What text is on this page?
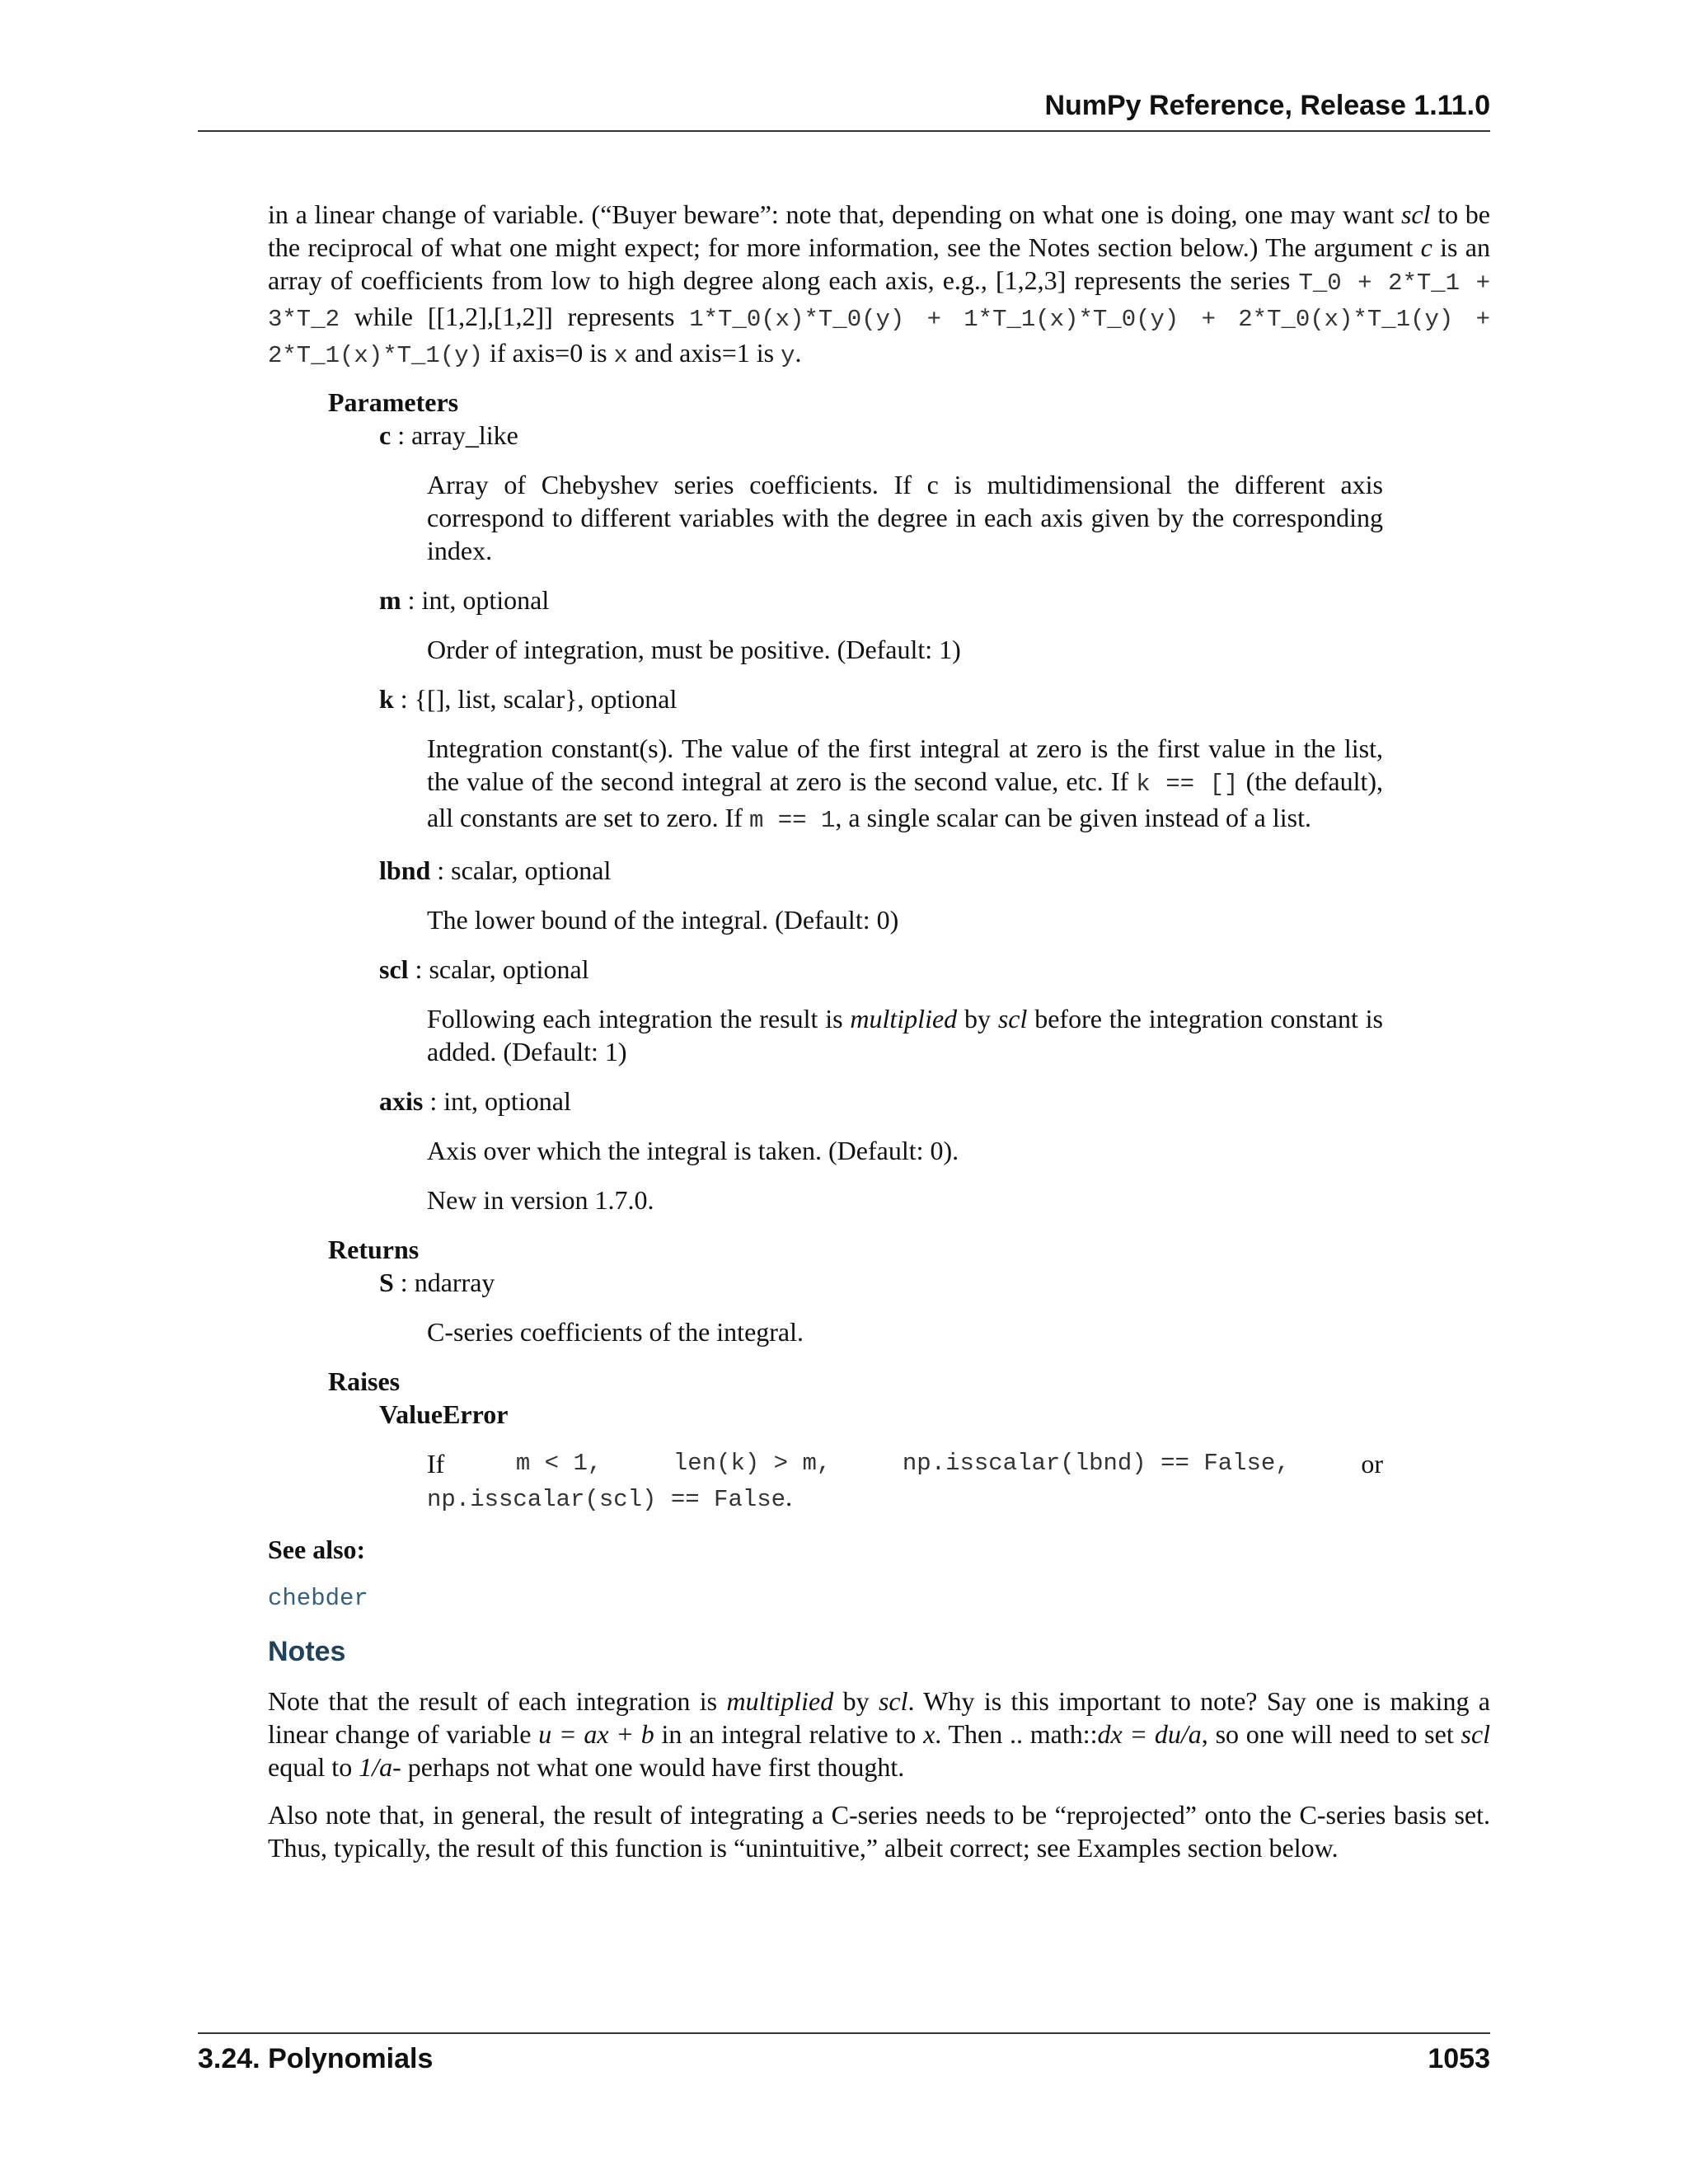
NumPy Reference, Release 1.11.0

in a linear change of variable. (“Buyer beware”: note that, depending on what one is doing, one may want scl to be the reciprocal of what one might expect; for more information, see the Notes section below.) The argument c is an array of coefficients from low to high degree along each axis, e.g., [1,2,3] represents the series T_0 + 2*T_1 + 3*T_2 while [[1,2],[1,2]] represents 1*T_0(x)*T_0(y) + 1*T_1(x)*T_0(y) + 2*T_0(x)*T_1(y) + 2*T_1(x)*T_1(y) if axis=0 is x and axis=1 is y.

Parameters
c : array_like
Array of Chebyshev series coefficients. If c is multidimensional the different axis correspond to different variables with the degree in each axis given by the corresponding index.
m : int, optional
Order of integration, must be positive. (Default: 1)
k : {[], list, scalar}, optional
Integration constant(s). The value of the first integral at zero is the first value in the list, the value of the second integral at zero is the second value, etc. If k == [] (the default), all constants are set to zero. If m == 1, a single scalar can be given instead of a list.
lbnd : scalar, optional
The lower bound of the integral. (Default: 0)
scl : scalar, optional
Following each integration the result is multiplied by scl before the integration constant is added. (Default: 1)
axis : int, optional
Axis over which the integral is taken. (Default: 0).
New in version 1.7.0.
Returns
S : ndarray
C-series coefficients of the integral.
Raises
ValueError
If	m < 1,	len(k) > m,	np.isscalar(lbnd) == False,	or
np.isscalar(scl) == False.
See also:
chebder
Notes

Note that the result of each integration is multiplied by scl. Why is this important to note? Say one is making a linear change of variable u = ax + b in an integral relative to x. Then .. math::dx = du/a, so one will need to set scl equal to 1/a- perhaps not what one would have first thought.

Also note that, in general, the result of integrating a C-series needs to be “reprojected” onto the C-series basis set. Thus, typically, the result of this function is “unintuitive,” albeit correct; see Examples section below.

3.24. Polynomials	1053
